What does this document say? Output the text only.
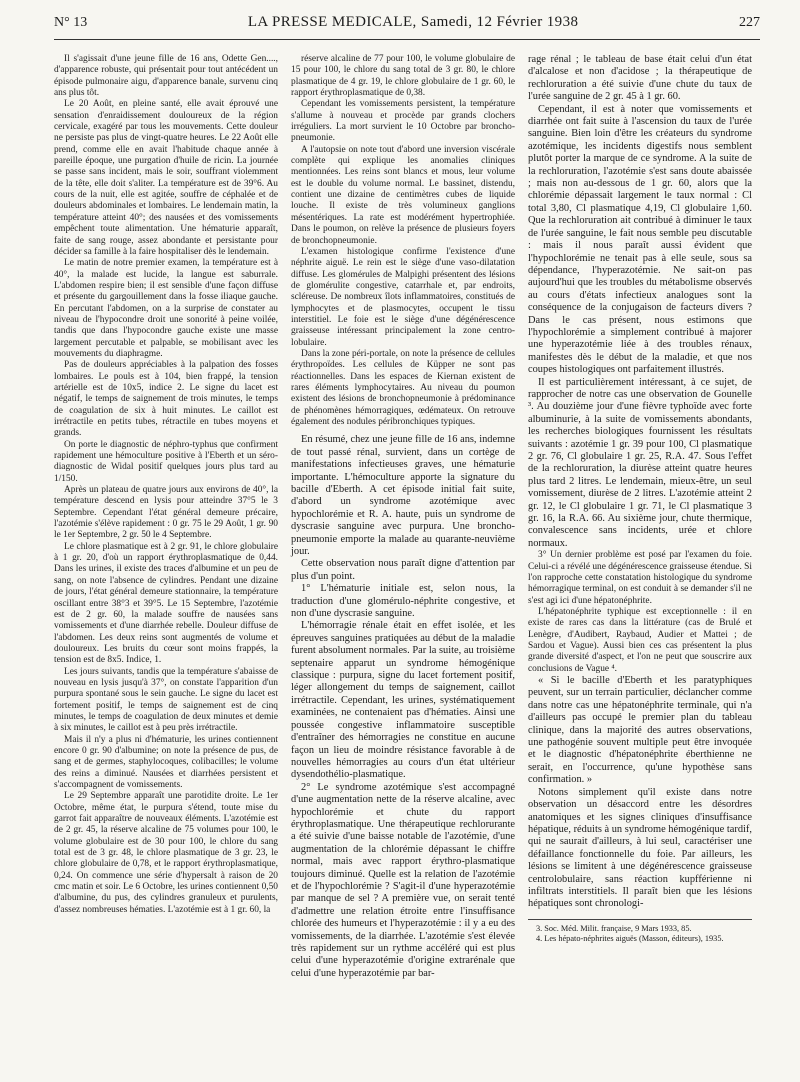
N° 13	LA PRESSE MEDICALE, Samedi, 12 Février 1938	227

Il s'agissait d'une jeune fille de 16 ans, Odette Gen...., d'apparence robuste, qui présentait pour tout antécédent un épisode pulmonaire aigu, d'apparence banale, survenu cinq ans plus tôt.

Le 20 Août, en pleine santé, elle avait éprouvé une sensation d'enraidissement douloureux de la région cervicale, exagéré par tous les mouvements. Cette douleur ne persiste pas plus de vingt-quatre heures. Le 22 Août elle prend, comme elle en avait l'habitude chaque année à pareille époque, une purgation d'huile de ricin. La journée se passe sans incident, mais le soir, souffrant violemment de la tête, elle doit s'aliter. La température est de 39°6. Au cours de la nuit, elle est agitée, souffre de céphalée et de douleurs abdominales et lombaires. Le lendemain matin, la température atteint 40°; des nausées et des vomissements empêchent toute alimentation. Une hématurie apparaît, faite de sang rouge, assez abondante et persistante pour décider sa famille à la faire hospitaliser dès le lendemain.

Le matin de notre premier examen, la température est à 40°, la malade est lucide, la langue est saburrale. L'abdomen respire bien; il est sensible d'une façon diffuse et présente du gargouillement dans la fosse iliaque gauche. En percutant l'abdomen, on a la surprise de constater au niveau de l'hypocondre droit une sonorité à peine voilée, tandis que dans l'hypocondre gauche existe une masse largement percutable et palpable, se mobilisant avec les mouvements du diaphragme.

Pas de douleurs appréciables à la palpation des fosses lombaires. Le pouls est à 104, bien frappé, la tension artérielle est de 10x5, indice 2. Le signe du lacet est négatif, le temps de saignement de trois minutes, le temps de coagulation de six à huit minutes. Le caillot est irrétractile en petits tubes, rétractile en tubes moyens et grands.

On porte le diagnostic de néphro-typhus que confirment rapidement une hémoculture positive à l'Eberth et un séro-diagnostic de Widal positif quelques jours plus tard au 1/150.

Après un plateau de quatre jours aux environs de 40°, la température descend en lysis pour atteindre 37°5 le 3 Septembre. Cependant l'état général demeure précaire, l'azotémie s'élève rapidement : 0 gr. 75 le 29 Août, 1 gr. 90 le 1er Septembre, 2 gr. 50 le 4 Septembre.

Le chlore plasmatique est à 2 gr. 91, le chlore globulaire à 1 gr. 20, d'où un rapport érythroplasmatique de 0,44. Dans les urines, il existe des traces d'albumine et un peu de sang, on note l'absence de cylindres. Pendant une dizaine de jours, l'état général demeure stationnaire, la température oscillant entre 38°3 et 39°5. Le 15 Septembre, l'azotémie est de 2 gr. 60, la malade souffre de nausées sans vomissements et d'une diarrhée rebelle. Douleur diffuse de l'abdomen. Les deux reins sont augmentés de volume et douloureux. Les bruits du cœur sont moins frappés, la tension est de 8x5. Indice, 1.

Les jours suivants, tandis que la température s'abaisse de nouveau en lysis jusqu'à 37°, on constate l'apparition d'un purpura spontané sous le sein gauche. Le signe du lacet est fortement positif, le temps de saignement est de cinq minutes, le temps de coagulation de deux minutes et demie à six minutes, le caillot est à peu près irrétractile.

Mais il n'y a plus ni d'hématurie, les urines contiennent encore 0 gr. 90 d'albumine; on note la présence de pus, de sang et de germes, staphylocoques, colibacilles; le volume des reins a diminué. Nausées et diarrhées persistent et s'accompagnent de vomissements.

Le 29 Septembre apparaît une parotidite droite. Le 1er Octobre, même état, le purpura s'étend, toute mise du garrot fait apparaître de nouveaux éléments. L'azotémie est de 2 gr. 45, la réserve alcaline de 75 volumes pour 100, le volume globulaire est de 30 pour 100, le chlore du sang total est de 3 gr. 48, le chlore plasmatique de 3 gr. 23, le chlore globulaire de 0,78, et le rapport érythroplasmatique, 0,24. On commence une série d'hypersalt à raison de 20 cmc matin et soir. Le 6 Octobre, les urines contiennent 0,50 d'albumine, du pus, des cylindres granuleux et purulents, d'assez nombreuses hématies. L'azotémie est à 1 gr. 60, la

réserve alcaline de 77 pour 100, le volume globulaire de 15 pour 100, le chlore du sang total de 3 gr. 80, le chlore plasmatique de 4 gr. 19, le chlore globulaire de 1 gr. 60, le rapport érythroplasmatique de 0,38.

Cependant les vomissements persistent, la température s'allume à nouveau et procède par grands clochers irréguliers. La mort survient le 10 Octobre par broncho-pneumonie.

A l'autopsie on note tout d'abord une inversion viscérale complète qui explique les anomalies cliniques mentionnées. Les reins sont blancs et mous, leur volume est le double du volume normal. Le bassinet, distendu, contient une dizaine de centimètres cubes de liquide louche. Il existe de très volumineux ganglions mésentériques. La rate est modérément hypertrophiée. Dans le poumon, on relève la présence de plusieurs foyers de bronchopneumonie.

L'examen histologique confirme l'existence d'une néphrite aiguë. Le rein est le siège d'une vaso-dilatation diffuse. Les glomérules de Malpighi présentent des lésions de glomérulite congestive, catarrhale et, par endroits, scléreuse. De nombreux îlots inflammatoires, constitués de lymphocytes et de plasmocytes, occupent le tissu interstitiel. Le foie est le siège d'une dégénérescence graisseuse intéressant principalement la zone centro-lobulaire.

Dans la zone péri-portale, on note la présence de cellules érythropoïdes. Les cellules de Küpper ne sont pas réactionnelles. Dans les espaces de Kiernan existent de rares éléments lymphocytaires. Au niveau du poumon existent des lésions de bronchopneumonie à prédominance de phénomènes hémorragiques, œdémateux. On retrouve également des nodules péribronchiques typiques.

En résumé, chez une jeune fille de 16 ans, indemne de tout passé rénal, survient, dans un cortège de manifestations infectieuses graves, une hématurie importante. L'hémoculture apporte la signature du bacille d'Eberth. A cet épisode initial fait suite, d'abord un syndrome azotémique avec hypochlorémie et R. A. haute, puis un syndrome de dyscrasie sanguine avec purpura. Une broncho-pneumonie emporte la malade au quarante-neuvième jour.

Cette observation nous paraît digne d'attention par plus d'un point.

1° L'hématurie initiale est, selon nous, la traduction d'une glomérulo-néphrite congestive, et non d'une dyscrasie sanguine.

L'hémorragie rénale était en effet isolée, et les épreuves sanguines pratiquées au début de la maladie furent absolument normales. Par la suite, au troisième septenaire apparut un syndrome hémogénique classique : purpura, signe du lacet fortement positif, léger allongement du temps de saignement, caillot irrétractile. Cependant, les urines, systématiquement examinées, ne contenaient pas d'hématies. Ainsi une poussée congestive inflammatoire susceptible d'entraîner des hémorragies ne constitue en aucune façon un lieu de moindre résistance favorable à de nouvelles hémorragies au cours d'un état ultérieur dysendothélio-plasmatique.

2° Le syndrome azotémique s'est accompagné d'une augmentation nette de la réserve alcaline, avec hypochlorémie et chute du rapport érythroplasmatique. Une thérapeutique rechlorurante a été suivie d'une baisse notable de l'azotémie, d'une augmentation de la chlorémie dépassant le chiffre normal, mais avec rapport érythro-plasmatique toujours diminué. Quelle est la relation de l'azotémie et de l'hypochlorémie ? S'agit-il d'une hyperazotémie par manque de sel ? A première vue, on serait tenté d'admettre une relation étroite entre l'insuffisance chlorée des humeurs et l'hyperazotémie : il y a eu des vomissements, de la diarrhée. L'azotémie s'est élevée très rapidement sur un rythme accéléré qui est plus celui d'une hyperazotémie d'origine extrarénale que celui d'une hyperazotémie par bar-

rage rénal ; le tableau de base était celui d'un état d'alcalose et non d'acidose ; la thérapeutique de rechloruration a été suivie d'une chute du taux de l'urée sanguine de 2 gr. 45 à 1 gr. 60.

Cependant, il est à noter que vomissements et diarrhée ont fait suite à l'ascension du taux de l'urée sanguine. Bien loin d'être les créateurs du syndrome azotémique, les incidents digestifs nous semblent plutôt porter la marque de ce syndrome. A la suite de la rechloruration, l'azotémie s'est sans doute abaissée ; mais non au-dessous de 1 gr. 60, alors que la chlorémie dépassait largement le taux normal : Cl total 3,80, Cl plasmatique 4,19, Cl globulaire 1,60. Que la rechloruration ait contribué à diminuer le taux de l'urée sanguine, le fait nous semble peu discutable : mais il nous paraît aussi évident que l'hypochlorémie ne tenait pas à elle seule, sous sa dépendance, l'hyperazotémie. Ne sait-on pas aujourd'hui que les troubles du métabolisme observés au cours d'états infectieux analogues sont la conséquence de la conjugaison de facteurs divers ? Dans le cas présent, nous estimons que l'hypochlorémie a simplement contribué à majorer une hyperazotémie liée à des troubles rénaux, manifestes dès le début de la maladie, et que nos coupes histologiques ont parfaitement illustrés.

Il est particulièrement intéressant, à ce sujet, de rapprocher de notre cas une observation de Gounelle ³. Au douzième jour d'une fièvre typhoïde avec forte albuminurie, à la suite de vomissements abondants, les recherches biologiques fournissent les résultats suivants : azotémie 1 gr. 39 pour 100, Cl plasmatique 2 gr. 76, Cl globulaire 1 gr. 25, R.A. 47. Sous l'effet de la rechloruration, la diurèse atteint quatre heures plus tard 2 litres. Le lendemain, mieux-être, un seul vomissement, diurèse de 2 litres. L'azotémie atteint 2 gr. 12, le Cl globulaire 1 gr. 71, le Cl plasmatique 3 gr. 16, la R.A. 66. Au sixième jour, chute thermique, convalescence sans incidents, urée et chlore normaux.

3° Un dernier problème est posé par l'examen du foie. Celui-ci a révélé une dégénérescence graisseuse étendue. Si l'on rapproche cette constatation histologique du syndrome hémorragique terminal, on est conduit à se demander s'il ne s'est agi ici d'une hépatonéphrite.

L'hépatonéphrite typhique est exceptionnelle : il en existe de rares cas dans la littérature (cas de Brulé et Lenègre, d'Audibert, Raybaud, Audier et Mattei ; de Sardou et Vague). Aussi bien ces cas présentent la plus grande diversité d'aspect, et l'on ne peut que souscrire aux conclusions de Vague ⁴.

« Si le bacille d'Eberth et les paratyphiques peuvent, sur un terrain particulier, déclancher comme dans notre cas une hépatonéphrite terminale, qui n'a d'ailleurs pas occupé le premier plan du tableau clinique, dans la majorité des autres observations, une pathogénie souvent multiple peut être invoquée et le diagnostic d'hépatonéphrite éberthienne ne serait, en l'occurrence, qu'une hypothèse sans confirmation. »

Notons simplement qu'il existe dans notre observation un désaccord entre les désordres anatomiques et les signes cliniques d'insuffisance hépatique, réduits à un syndrome hémogénique tardif, qui ne saurait d'ailleurs, à lui seul, caractériser une défaillance fonctionnelle du foie. Par ailleurs, les lésions se limitent à une dégénérescence graisseuse centrolobulaire, sans réaction kupfférienne ni infiltrats interstitiels. Il paraît bien que les lésions hépatiques sont chronologi-

3. Soc. Méd. Milit. française, 9 Mars 1933, 85.

4. Les hépato-néphrites aiguës (Masson, éditeurs), 1935.
